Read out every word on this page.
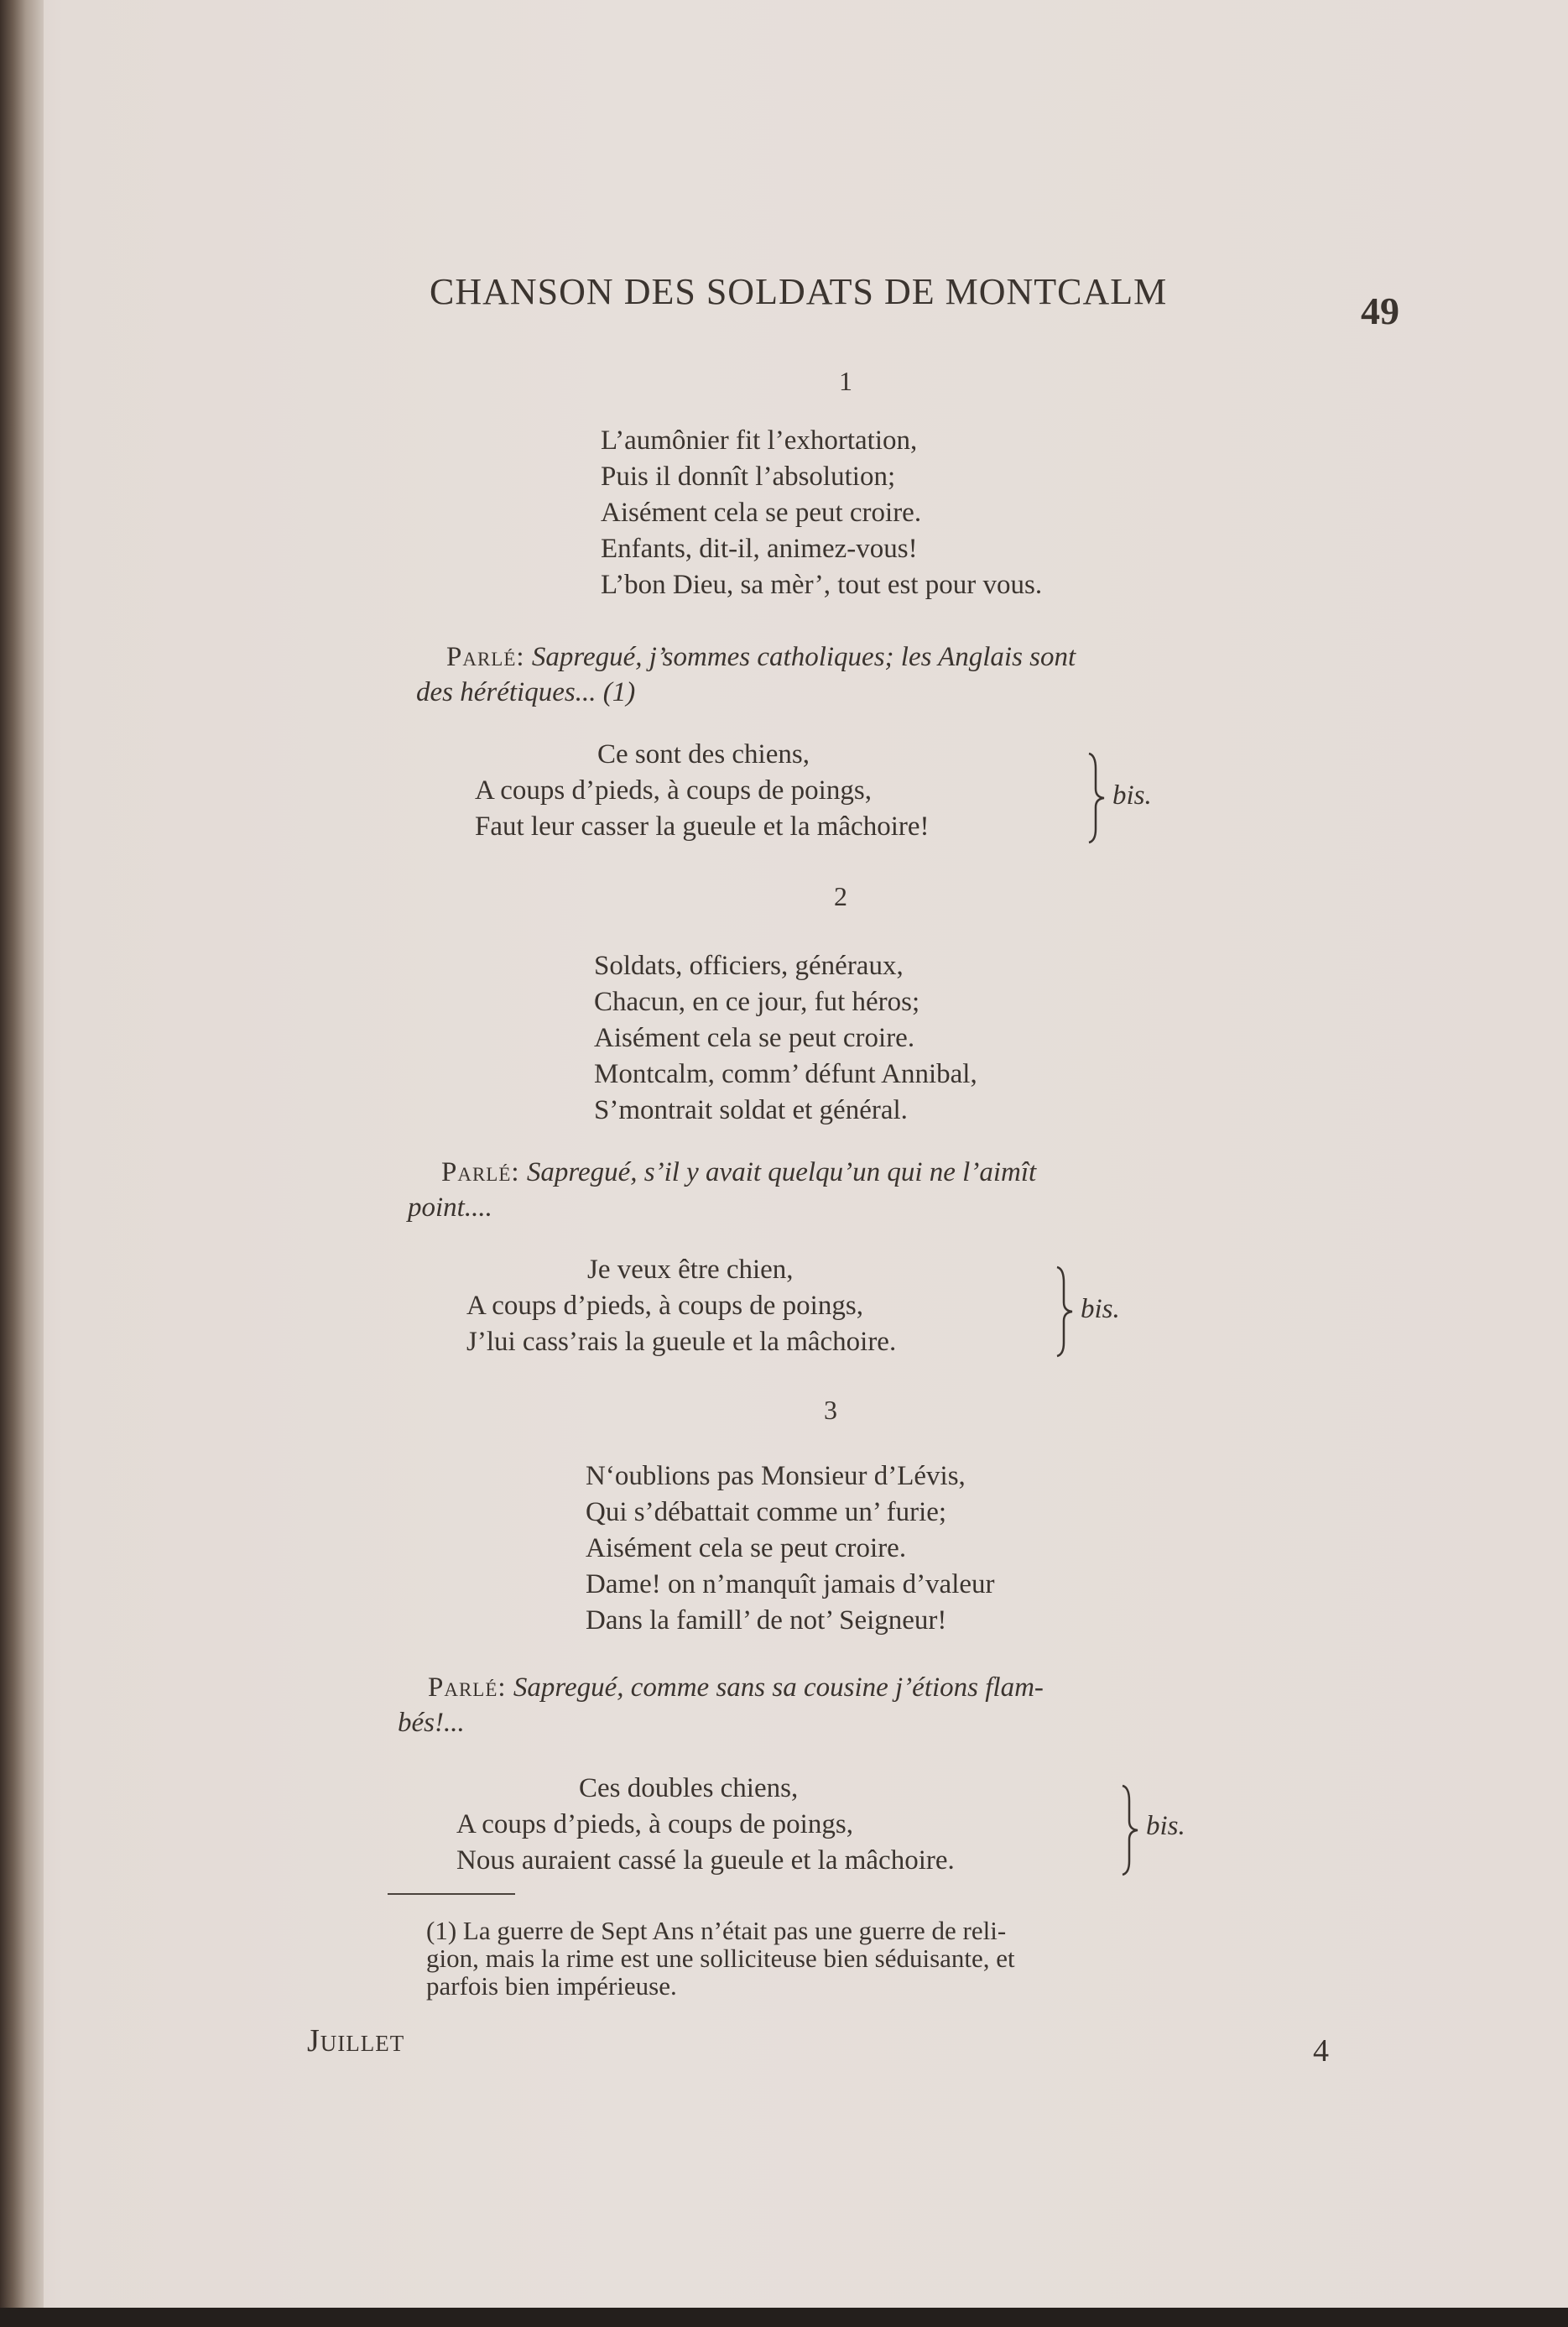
CHANSON DES SOLDATS DE MONTCALM	49
1
L’aumônier fit l’exhortation,
Puis il donnît l’absolution;
Aisément cela se peut croire.
Enfants, dit-il, animez-vous!
L’bon Dieu, sa mèr’, tout est pour vous.
Parlé: Sapregué, j’sommes catholiques; les Anglais sont
des hérétiques... (1)
Ce sont des chiens,
A coups d’pieds, à coups de poings,
Faut leur casser la gueule et la mâchoire!
bis.
2
Soldats, officiers, généraux,
Chacun, en ce jour, fut héros;
Aisément cela se peut croire.
Montcalm, comm’ défunt Annibal,
S’montrait soldat et général.
Parlé: Sapregué, s’il y avait quelqu’un qui ne l’aimît
point....
Je veux être chien,
A coups d’pieds, à coups de poings,
J’lui cass’rais la gueule et la mâchoire.
bis.
3
N‘oublions pas Monsieur d’Lévis,
Qui s’débattait comme un’ furie;
Aisément cela se peut croire.
Dame! on n’manquît jamais d’valeur
Dans la famill’ de not’ Seigneur!
Parlé: Sapregué, comme sans sa cousine j’étions flam-
bés!...
Ces doubles chiens,
A coups d’pieds, à coups de poings,
Nous auraient cassé la gueule et la mâchoire.
bis.
(1) La guerre de Sept Ans n’était pas une guerre de reli-
gion, mais la rime est une solliciteuse bien séduisante, et
parfois bien impérieuse.
Juillet	4
